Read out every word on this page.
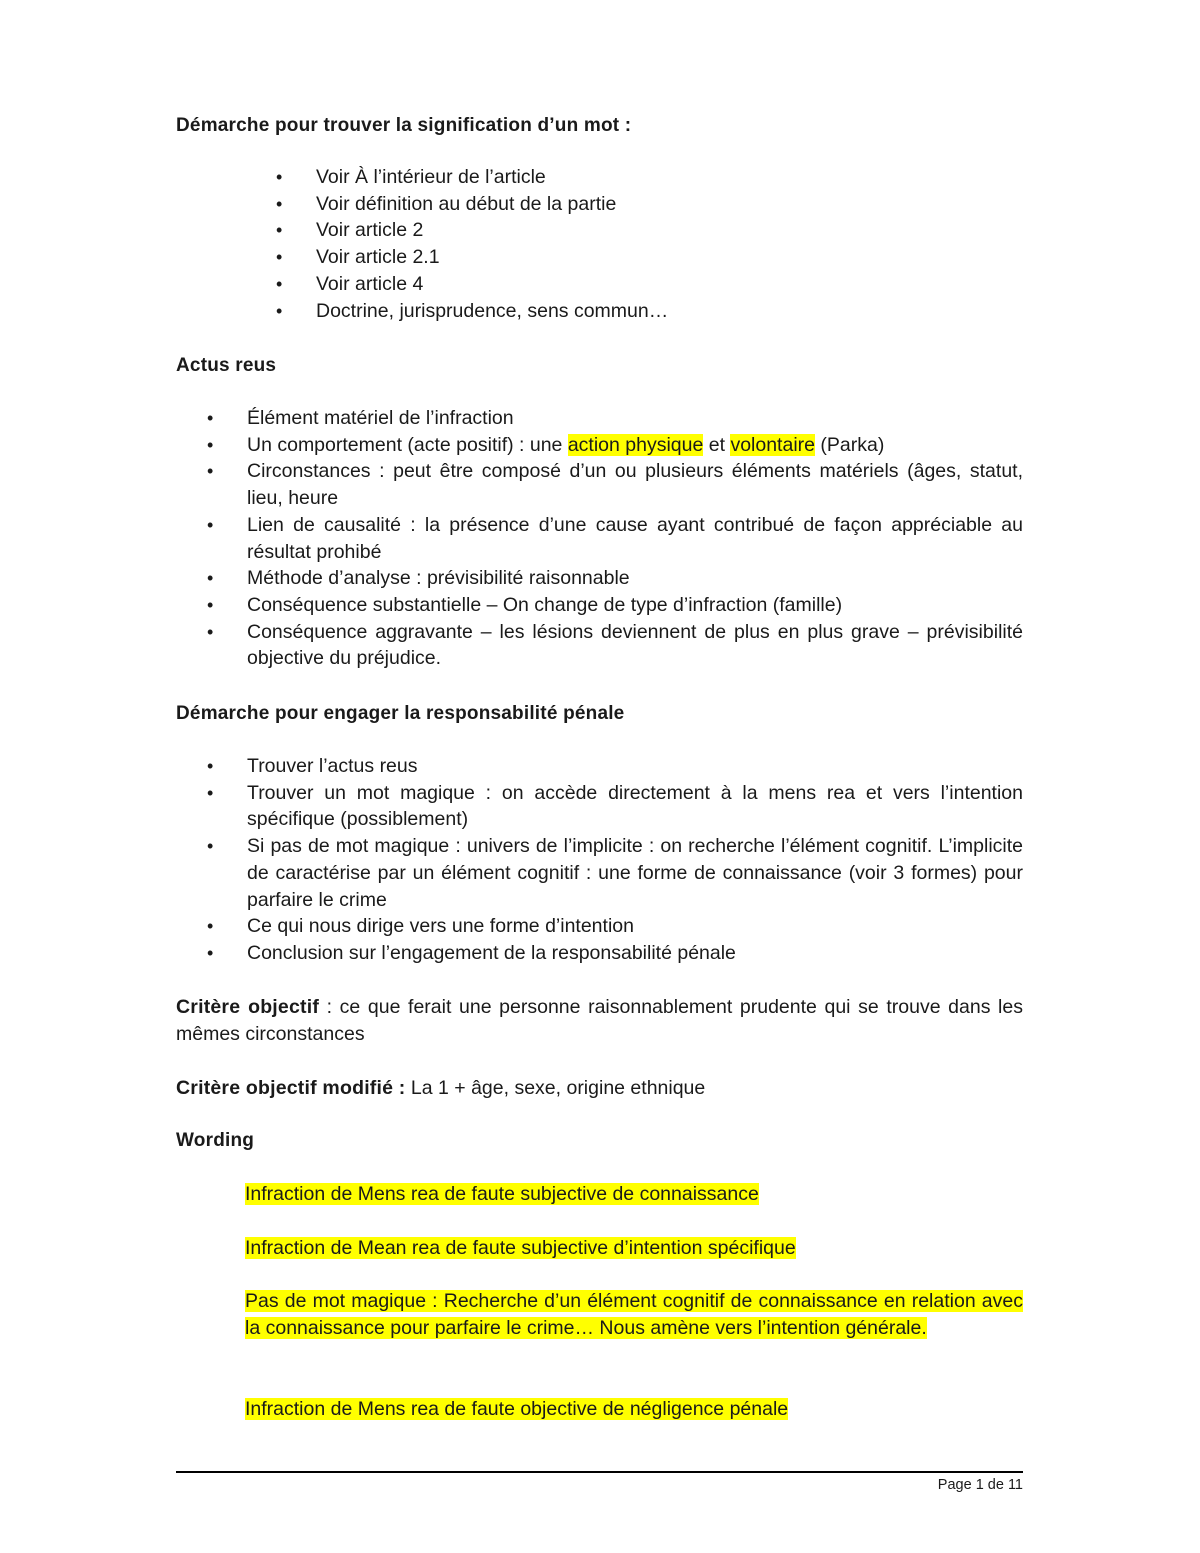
Démarche pour trouver la signification d’un mot :

• Voir À l’intérieur de l’article
• Voir définition au début de la partie
• Voir article 2
• Voir article 2.1
• Voir article 4
• Doctrine, jurisprudence, sens commun…

Actus reus

• Élément matériel de l’infraction
• Un comportement (acte positif) : une action physique et volontaire (Parka)
• Circonstances : peut être composé d’un ou plusieurs éléments matériels (âges, statut, lieu, heure
• Lien de causalité : la présence d’une cause ayant contribué de façon appréciable au résultat prohibé
• Méthode d’analyse : prévisibilité raisonnable
• Conséquence substantielle – On change de type d’infraction (famille)
• Conséquence aggravante – les lésions deviennent de plus en plus grave – prévisibilité objective du préjudice.

Démarche pour engager la responsabilité pénale

• Trouver l’actus reus
• Trouver un mot magique : on accède directement à la mens rea et vers l’intention spécifique (possiblement)
• Si pas de mot magique : univers de l’implicite : on recherche l’élément cognitif. L’implicite de caractérise par un élément cognitif : une forme de connaissance (voir 3 formes) pour parfaire le crime
• Ce qui nous dirige vers une forme d’intention
• Conclusion sur l’engagement de la responsabilité pénale

Critère objectif : ce que ferait une personne raisonnablement prudente qui se trouve dans les mêmes circonstances

Critère objectif modifié : La 1 + âge, sexe, origine ethnique

Wording

Infraction de Mens rea de faute subjective de connaissance

Infraction de Mean rea de faute subjective d’intention spécifique

Pas de mot magique : Recherche d’un élément cognitif de connaissance en relation avec la connaissance pour parfaire le crime… Nous amène vers l’intention générale.

Infraction de Mens rea de faute objective de négligence pénale

Page 1 de 11
